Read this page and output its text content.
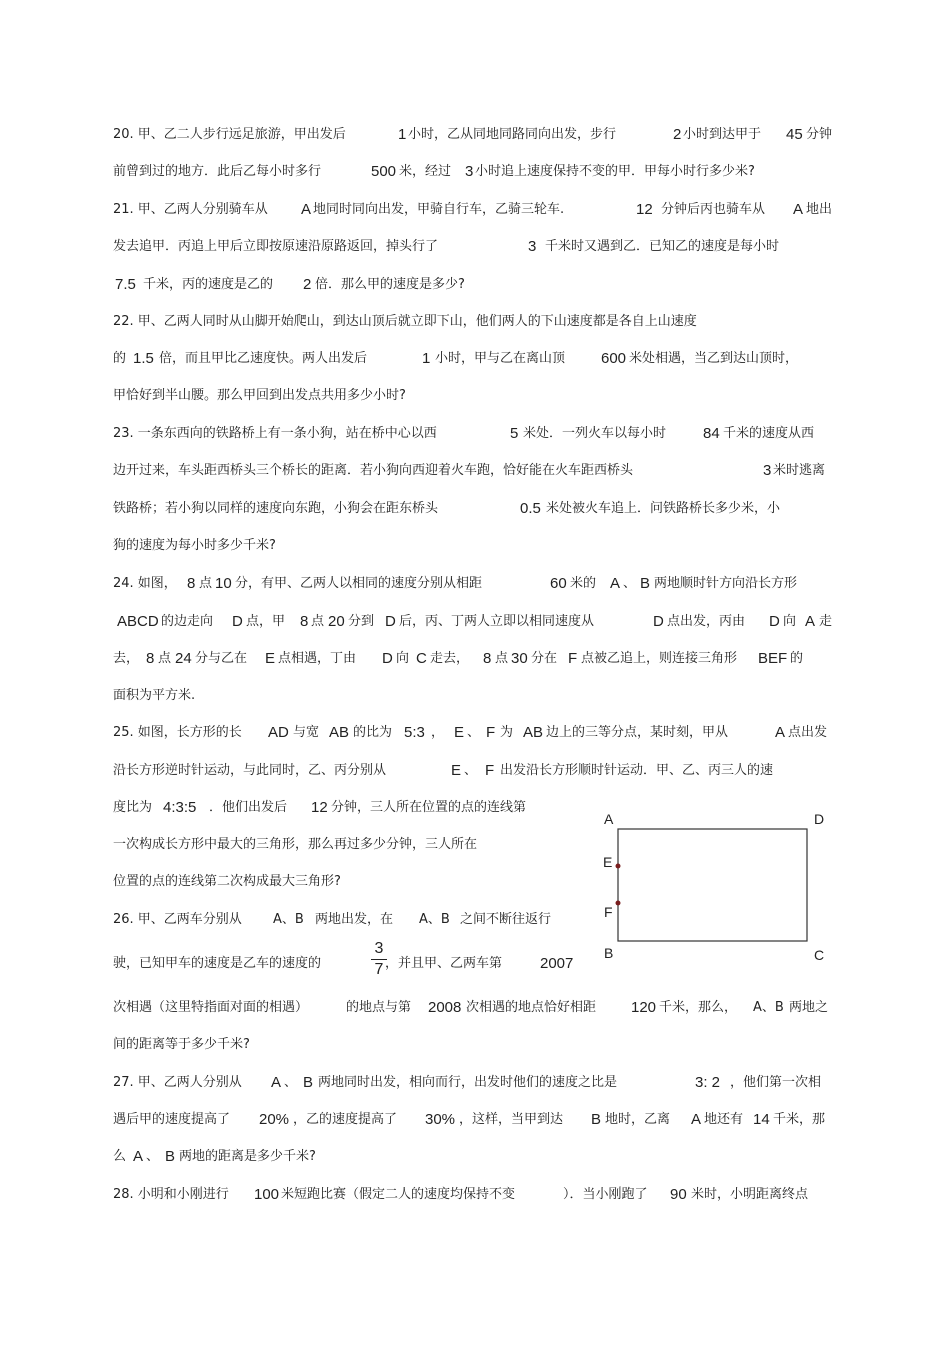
20. 甲、乙二人步行远足旅游，甲出发后	1 小时，乙从同地同路同向出发，步行	2 小时到达甲于 45 分钟
前曾到过的地方．此后乙每小时多行	500 米，经过 3 小时追上速度保持不变的甲．甲每小时行多少米?
21. 甲、乙两人分别骑车从 A 地同时同向出发，甲骑自行车，乙骑三轮车.	12 分钟后丙也骑车从 A 地出
发去追甲．丙追上甲后立即按原速沿原路返回，掉头行了	3 千米时又遇到乙．已知乙的速度是每小时
7.5 千米，丙的速度是乙的 2 倍．那么甲的速度是多少?
22. 甲、乙两人同时从山脚开始爬山，到达山顶后就立即下山，他们两人的下山速度都是各自上山速度
的 1.5 倍，而且甲比乙速度快。两人出发后	1 小时，甲与乙在离山顶 600 米处相遇，当乙到达山顶时，
甲恰好到半山腰。那么甲回到出发点共用多少小时?
23. 一条东西向的铁路桥上有一条小狗，站在桥中心以西	5 米处．一列火车以每小时 84 千米的速度从西
边开过来，车头距西桥头三个桥长的距离．若小狗向西迎着火车跑，恰好能在火车距西桥头	3 米时逃离
铁路桥；若小狗以同样的速度向东跑，小狗会在距东桥头	0.5 米处被火车追上．问铁路桥长多少米，小
狗的速度为每小时多少千米?
24. 如图， 8 点 10 分，有甲、乙两人以相同的速度分别从相距	60 米的 A 、 B 两地顺时针方向沿长方形
ABCD 的边走向 D 点，甲 8 点 20 分到 D 后，丙、丁两人立即以相同速度从	D 点出发，丙由 D 向 A 走
去， 8 点 24 分与乙在 E 点相遇，丁由 D 向 C 走去， 8 点 30 分在 F 点被乙追上，则连接三角形 BEF 的
面积为平方米.
25. 如图，长方形的长 AD 与宽 AB 的比为 5:3 ， E 、 F 为 AB 边上的三等分点，某时刻，甲从	A 点出发
沿长方形逆时针运动，与此同时，乙、丙分别从	E 、 F 出发沿长方形顺时针运动．甲、乙、丙三人的速
度比为 4:3:5 ．他们出发后 12 分钟，三人所在位置的点的连线第
一次构成长方形中最大的三角形，那么再过多少分钟，三人所在
位置的点的连线第二次构成最大三角形?
26. 甲、乙两车分别从 A、B 两地出发，在 A、B 之间不断往返行
驶，已知甲车的速度是乙车的速度的	，并且甲、乙两车第	2007
次相遇（这里特指面对面的相遇）	的地点与第 2008 次相遇的地点恰好相距 120 千米，那么， A、B 两地之
间的距离等于多少千米?
27. 甲、乙两人分别从 A 、 B 两地同时出发，相向而行，出发时他们的速度之比是	3: 2 ，他们第一次相
遇后甲的速度提高了 20% ，乙的速度提高了 30% ，这样，当甲到达 B 地时，乙离 A 地还有 14 千米，那
么 A 、 B 两地的距离是多少千米?
28. 小明和小刚进行 100 米短跑比赛（假定二人的速度均保持不变	）．当小刚跑了 90 米时，小明距离终点
3
7
A	D
E
F
B	C
